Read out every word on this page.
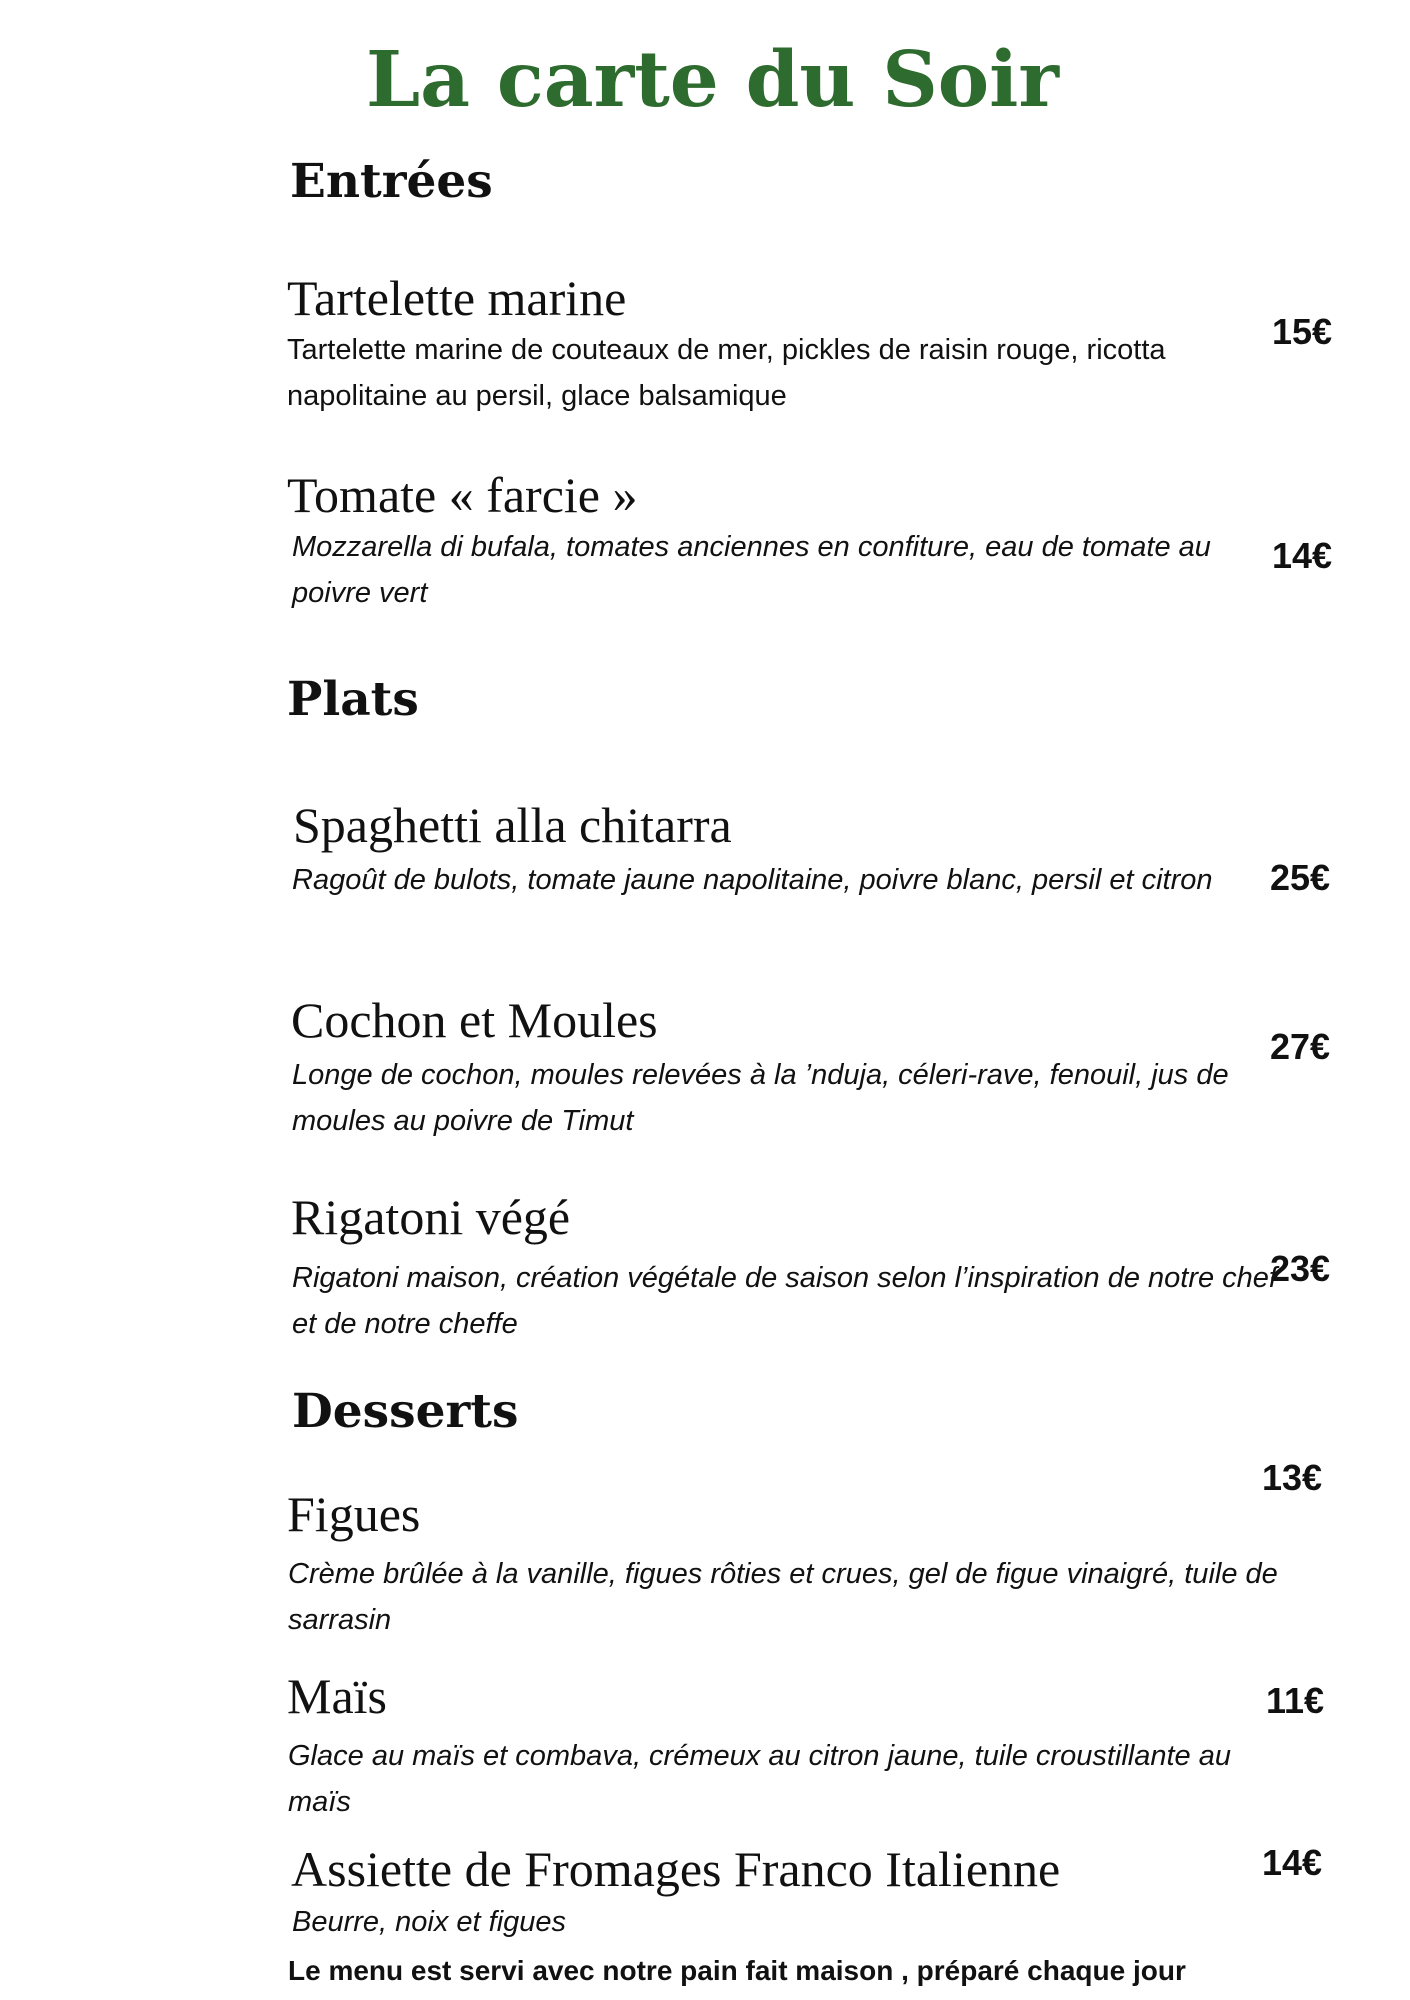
La carte du Soir
Entrées
Tartelette marine
Tartelette marine de couteaux de mer, pickles de raisin rouge, ricotta napolitaine au persil, glace balsamique
15€
Tomate « farcie »
Mozzarella di bufala, tomates anciennes en confiture, eau de tomate au poivre vert
14€
Plats
Spaghetti alla chitarra
Ragoût de bulots, tomate jaune napolitaine, poivre blanc, persil et citron	25€
Cochon et Moules
Longe de cochon, moules relevées à la ’nduja, céleri-rave, fenouil, jus de moules au poivre de Timut
27€
Rigatoni végé
Rigatoni maison, création végétale de saison selon l’inspiration de notre chef et de notre cheffe
23€
Desserts
13€
Figues
Crème brûlée à la vanille, figues rôties et crues, gel de figue vinaigré, tuile de sarrasin
Maïs
Glace au maïs et combava, crémeux au citron jaune, tuile croustillante au maïs
11€
Assiette de Fromages Franco Italienne
Beurre, noix et figues
14€
Le menu est servi avec notre pain fait maison , préparé chaque jour
